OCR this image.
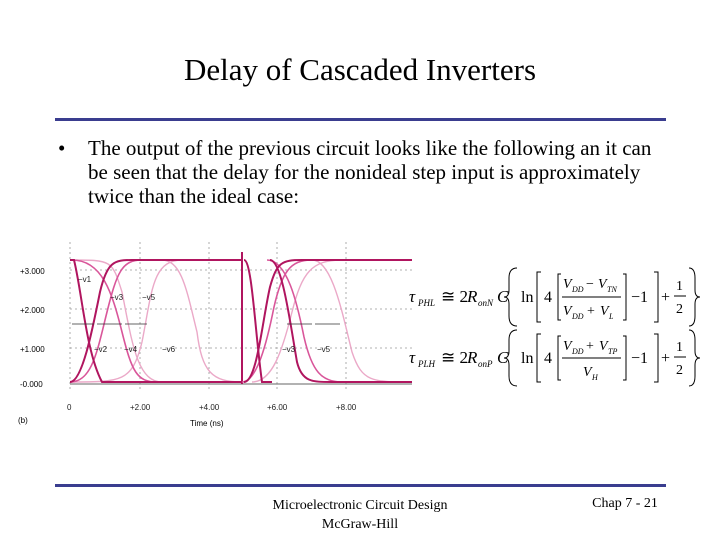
Delay of Cascaded Inverters
• The output of the previous circuit looks like the following an it can be seen that the delay for the nonideal step input is approximately twice than the ideal case:
+3.000
+2.000
+1.000
-0.000
−v1
−v3 −v5
−v2 −v4	−v6	−v3	−v5
0	+2.00	+4.00	+6.00	+8.00
(b)	Time (ns)
τ PHL ≅ 2 R onN C ln 4
V DD − V TN
V DD + V L
−1 +
1
2
τ PLH ≅ 2 R onP C ln 4
V DD + V TP
V H
−1 +
1
2
Microelectronic Circuit Design
McGraw-Hill
Chap 7 - 21
